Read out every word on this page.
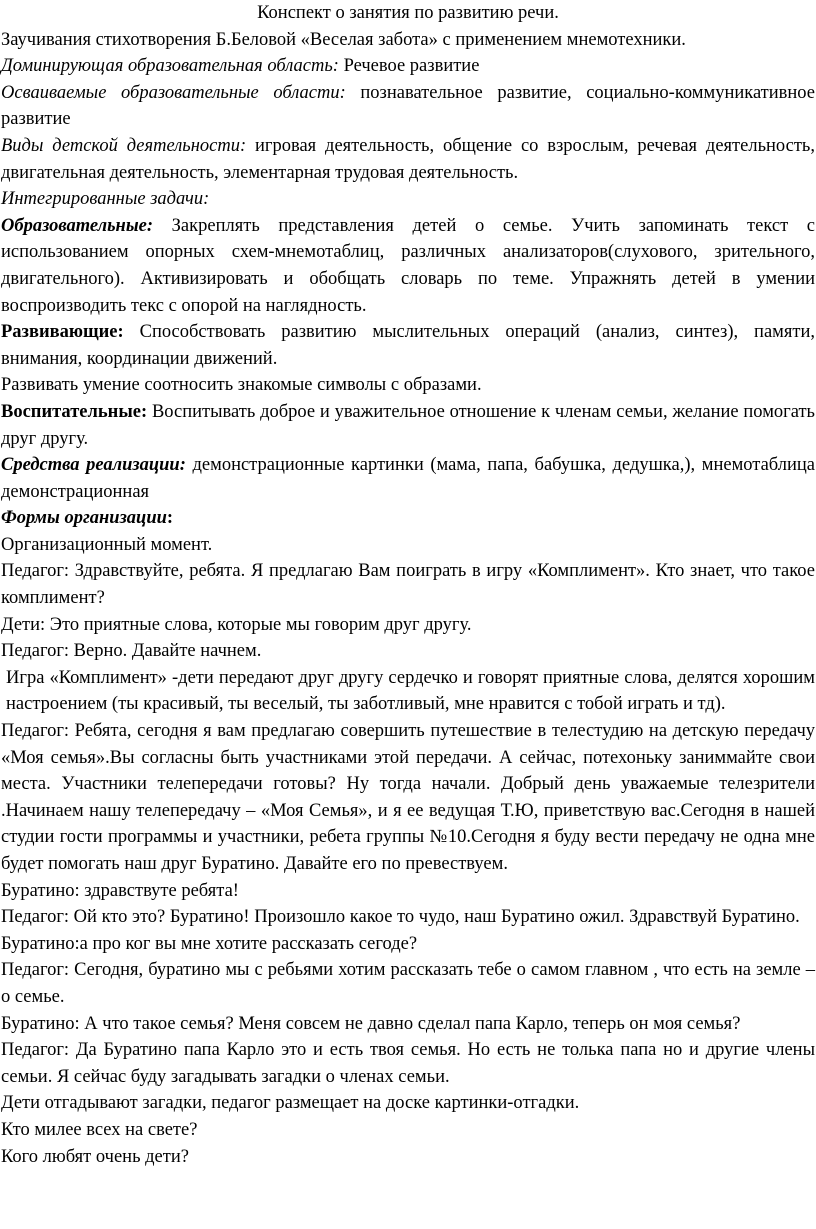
Конспект о занятия по развитию речи.
Заучивания стихотворения Б.Беловой «Веселая забота» с применением мнемотехники.
Доминирующая образовательная область: Речевое развитие
Осваиваемые образовательные области: познавательное развитие, социально-коммуникативное развитие
Виды детской деятельности: игровая деятельность, общение со взрослым, речевая деятельность, двигательная деятельность, элементарная трудовая деятельность.
Интегрированные задачи:
Образовательные: Закреплять представления детей о семье. Учить запоминать текст с использованием опорных схем-мнемотаблиц, различных анализаторов(слухового, зрительного, двигательного). Активизировать и обобщать словарь по теме. Упражнять детей в умении воспроизводить текс с опорой на наглядность.
Развивающие: Способствовать развитию мыслительных операций (анализ, синтез), памяти, внимания, координации движений.
Развивать умение соотносить знакомые символы с образами.
Воспитательные: Воспитывать доброе и уважительное отношение к членам семьи, желание помогать друг другу.
Средства реализации: демонстрационные картинки (мама, папа, бабушка, дедушка,), мнемотаблица демонстрационная
Формы организации:
Организационный момент.
Педагог: Здравствуйте, ребята. Я предлагаю Вам поиграть в игру «Комплимент». Кто знает, что такое комплимент?
Дети: Это приятные слова, которые мы говорим друг другу.
Педагог: Верно. Давайте начнем.
Игра «Комплимент» -дети передают друг другу сердечко и говорят приятные слова, делятся хорошим настроением (ты красивый, ты веселый, ты заботливый, мне нравится с тобой играть и тд).
Педагог: Ребята, сегодня я вам предлагаю совершить путешествие в телестудию на детскую передачу «Моя семья».Вы согласны быть участниками этой передачи. А сейчас, потехоньку заниммайте свои места. Участники телепередачи готовы? Ну тогда начали. Добрый день уважаемые телезрители .Начинаем нашу телепередачу – «Моя Семья», и я ее ведущая Т.Ю, приветствую вас.Сегодня в нашей студии гости программы и участники, ребета группы №10.Сегодня я буду вести передачу не одна мне будет помогать наш друг Буратино. Давайте его по превествуем.
Буратино: здравствуте ребята!
Педагог: Ой кто это? Буратино! Произошло какое то чудо, наш Буратино ожил. Здравствуй Буратино.
Буратино:а про ког вы мне хотите рассказать сегоде?
Педагог: Сегодня, буратино мы с ребьями хотим рассказать тебе о самом главном , что есть на земле – о семье.
Буратино: А что такое семья? Меня совсем не давно сделал папа Карло, теперь он моя семья?
Педагог: Да Буратино папа Карло это и есть твоя семья. Но есть не толька папа но и другие члены семьи. Я сейчас буду загадывать загадки о членах семьи.
Дети отгадывают загадки, педагог размещает на доске картинки-отгадки.
Кто милее всех на свете?
Кого любят очень дети?
